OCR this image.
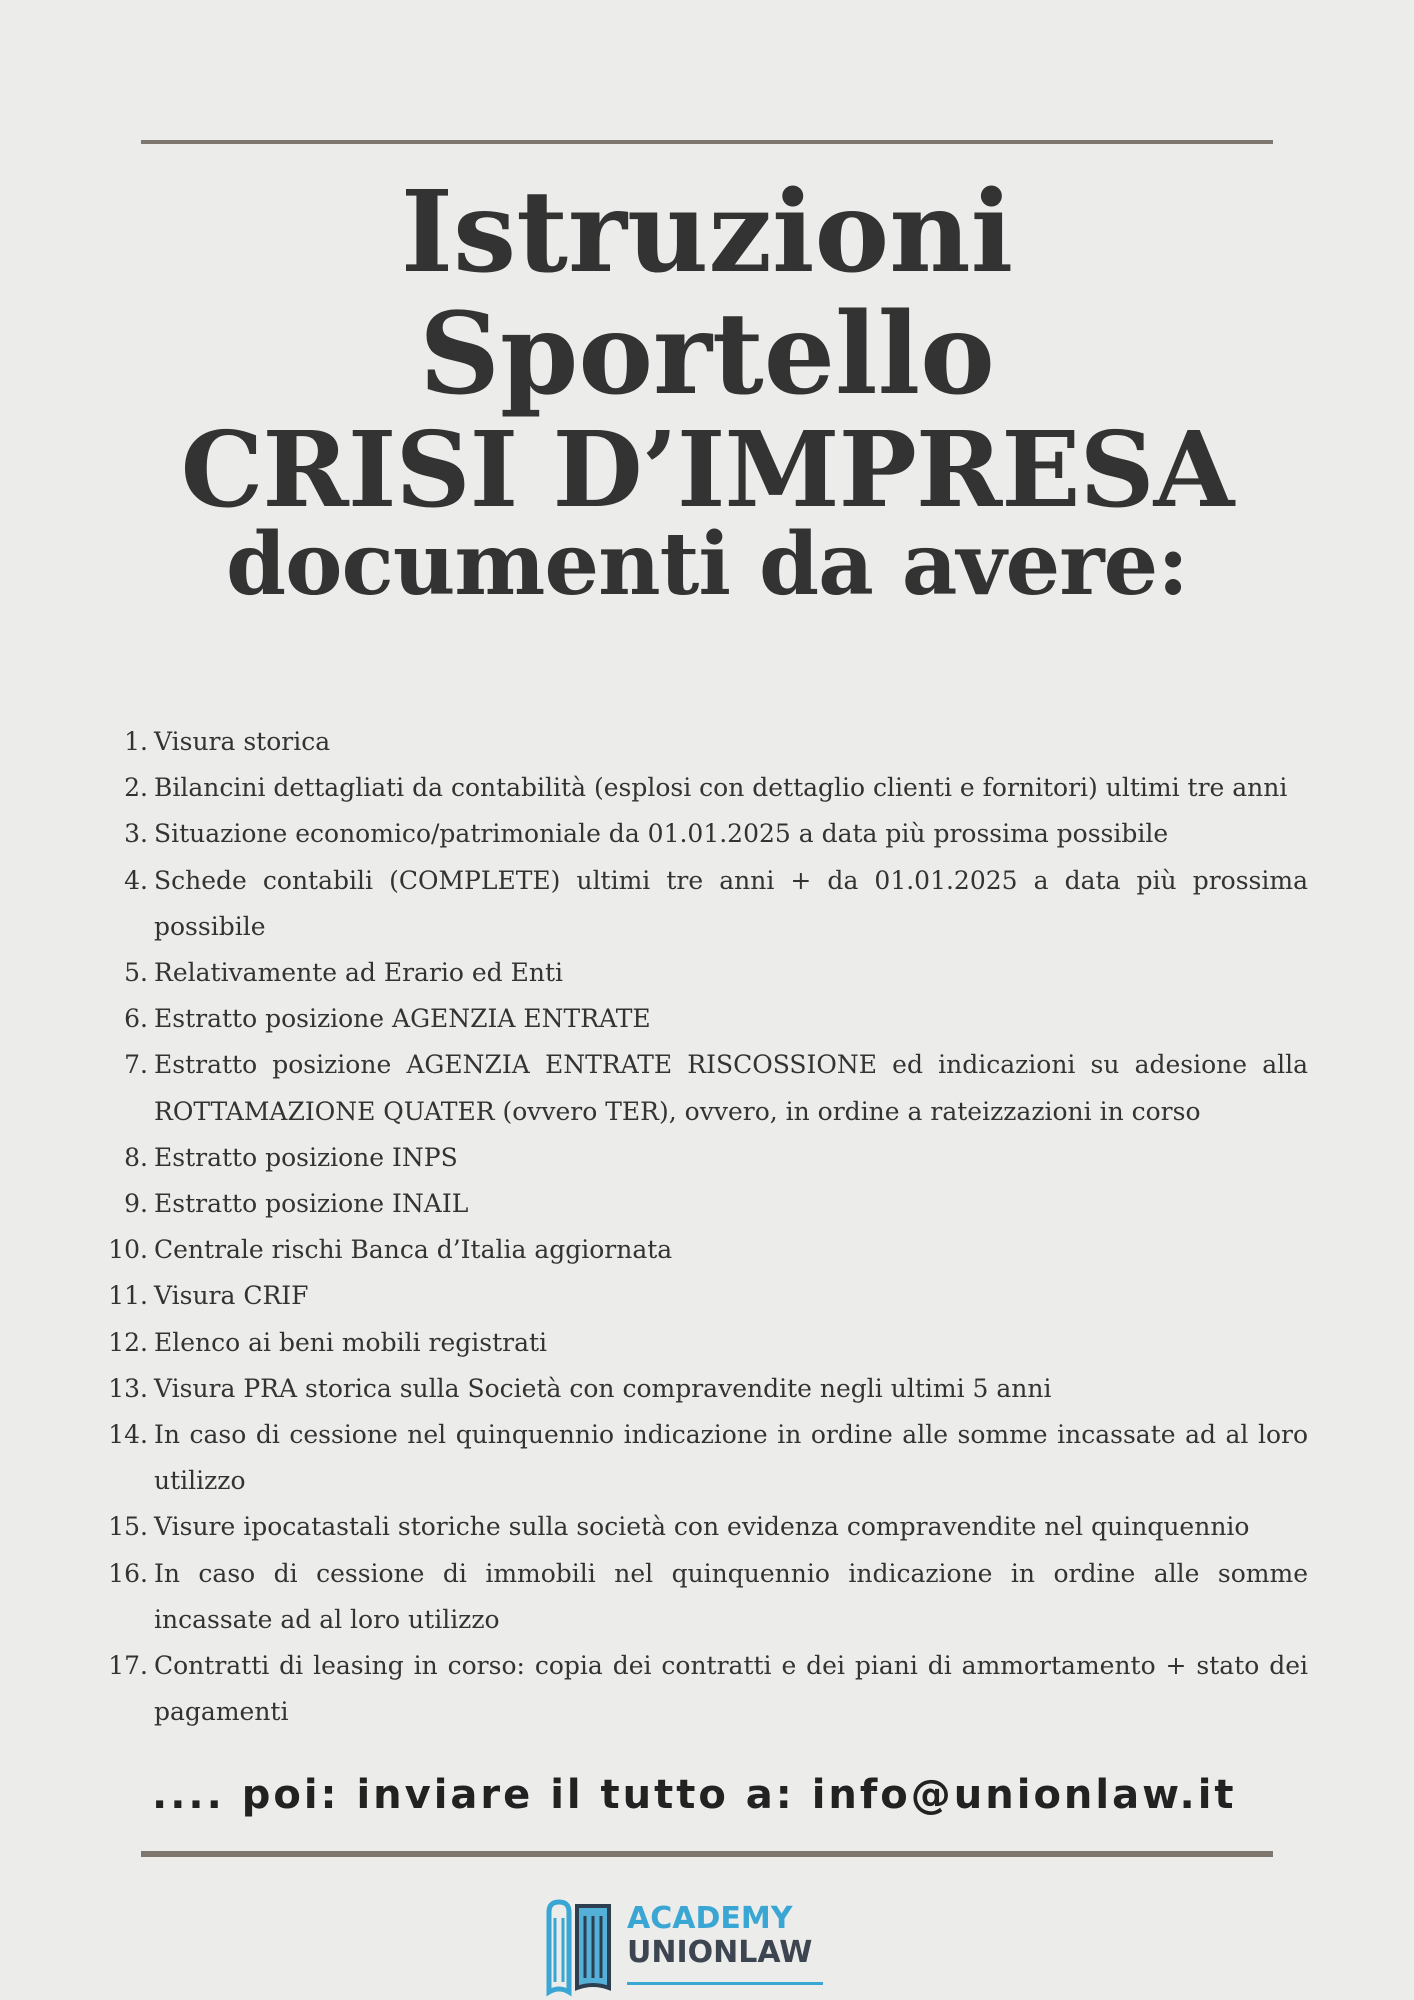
Istruzioni
Sportello
CRISI D’IMPRESA
documenti da avere:
1. Visura storica
2. Bilancini dettagliati da contabilità (esplosi con dettaglio clienti e fornitori) ultimi tre anni
3. Situazione economico/patrimoniale da 01.01.2025 a data più prossima possibile
4. Schede contabili (COMPLETE) ultimi tre anni + da 01.01.2025 a data più prossima possibile
5. Relativamente ad Erario ed Enti
6. Estratto posizione AGENZIA ENTRATE
7. Estratto posizione AGENZIA ENTRATE RISCOSSIONE ed indicazioni su adesione alla ROTTAMAZIONE QUATER (ovvero TER), ovvero, in ordine a rateizzazioni in corso
8. Estratto posizione INPS
9. Estratto posizione INAIL
10. Centrale rischi Banca d’Italia aggiornata
11. Visura CRIF
12. Elenco ai beni mobili registrati
13. Visura PRA storica sulla Società con compravendite negli ultimi 5 anni
14. In caso di cessione nel quinquennio indicazione in ordine alle somme incassate ad al loro utilizzo
15. Visure ipocatastali storiche sulla società con evidenza compravendite nel quinquennio
16. In caso di cessione di immobili nel quinquennio indicazione in ordine alle somme incassate ad al loro utilizzo
17. Contratti di leasing in corso: copia dei contratti e dei piani di ammortamento + stato dei pagamenti
.... poi: inviare il tutto a: info@unionlaw.it
ACADEMY
UNIONLAW
